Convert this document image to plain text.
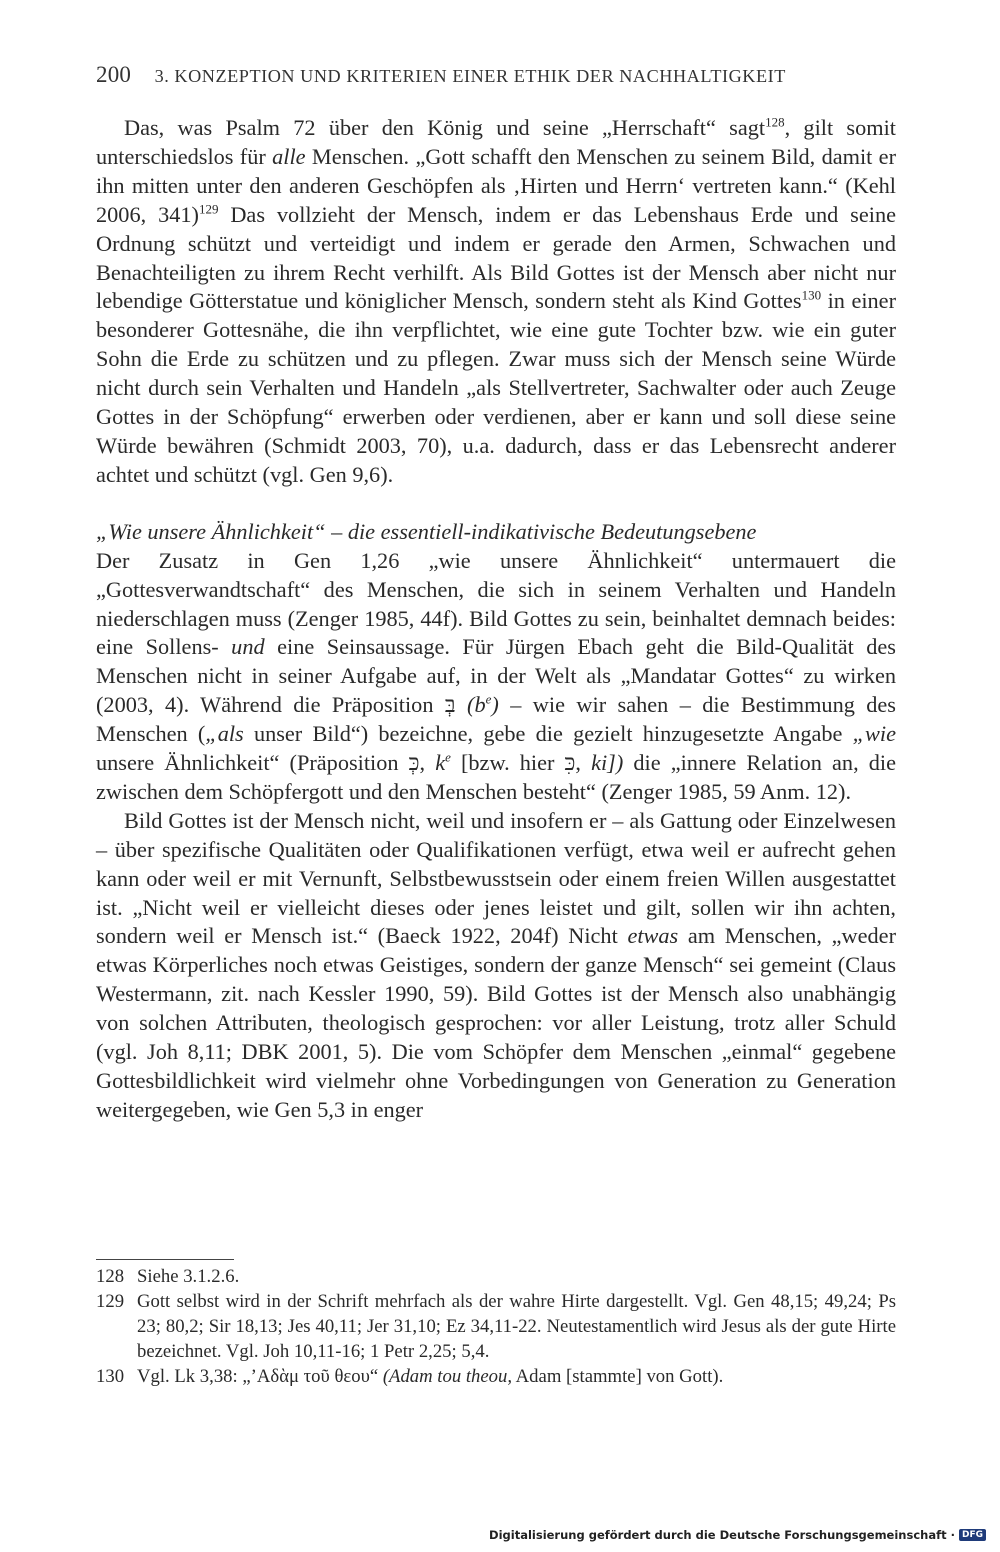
200 3. KONZEPTION UND KRITERIEN EINER ETHIK DER NACHHALTIGKEIT

Das, was Psalm 72 über den König und seine „Herrschaft“ sagt$^{128}$, gilt somit unterschiedslos für alle Menschen. „Gott schafft den Menschen zu seinem Bild, damit er ihn mitten unter den anderen Geschöpfen als ‚Hirten und Herrn‘ vertreten kann.“ (Kehl 2006, 341)$^{129}$ Das vollzieht der Mensch, indem er das Lebenshaus Erde und seine Ordnung schützt und verteidigt und indem er gerade den Armen, Schwachen und Benachteiligten zu ihrem Recht verhilft. Als Bild Gottes ist der Mensch aber nicht nur lebendige Götterstatue und königlicher Mensch, sondern steht als Kind Gottes$^{130}$ in einer besonderer Gottesnähe, die ihn verpflichtet, wie eine gute Tochter bzw. wie ein guter Sohn die Erde zu schützen und zu pflegen. Zwar muss sich der Mensch seine Würde nicht durch sein Verhalten und Handeln „als Stellvertreter, Sachwalter oder auch Zeuge Gottes in der Schöpfung“ erwerben oder verdienen, aber er kann und soll diese seine Würde bewähren (Schmidt 2003, 70), u.a. dadurch, dass er das Lebensrecht anderer achtet und schützt (vgl. Gen 9,6).

„Wie unsere Ähnlichkeit“ – die essentiell-indikativische Bedeutungsebene

Der Zusatz in Gen 1,26 „wie unsere Ähnlichkeit“ untermauert die „Gottesverwandtschaft“ des Menschen, die sich in seinem Verhalten und Handeln niederschlagen muss (Zenger 1985, 44f). Bild Gottes zu sein, beinhaltet demnach beides: eine Sollens- und eine Seinsaussage. Für Jürgen Ebach geht die Bild-Qualität des Menschen nicht in seiner Aufgabe auf, in der Welt als „Mandatar Gottes“ zu wirken (2003, 4). Während die Präposition בְּ $(b^e)$ – wie wir sahen – die Bestimmung des Menschen („als unser Bild“) bezeichne, gebe die gezielt hinzugesetzte Angabe „wie unsere Ähnlichkeit“ (Präposition כְּ, $k^e$ [bzw. hier כִּ, ki]) die „innere Relation an, die zwischen dem Schöpfergott und den Menschen besteht“ (Zenger 1985, 59 Anm. 12).

Bild Gottes ist der Mensch nicht, weil und insofern er – als Gattung oder Einzelwesen – über spezifische Qualitäten oder Qualifikationen verfügt, etwa weil er aufrecht gehen kann oder weil er mit Vernunft, Selbstbewusstsein oder einem freien Willen ausgestattet ist. „Nicht weil er vielleicht dieses oder jenes leistet und gilt, sollen wir ihn achten, sondern weil er Mensch ist.“ (Baeck 1922, 204f) Nicht etwas am Menschen, „weder etwas Körperliches noch etwas Geistiges, sondern der ganze Mensch“ sei gemeint (Claus Westermann, zit. nach Kessler 1990, 59). Bild Gottes ist der Mensch also unabhängig von solchen Attributen, theologisch gesprochen: vor aller Leistung, trotz aller Schuld (vgl. Joh 8,11; DBK 2001, 5). Die vom Schöpfer dem Menschen „einmal“ gegebene Gottesbildlichkeit wird vielmehr ohne Vorbedingungen von Generation zu Generation weitergegeben, wie Gen 5,3 in enger

128 Siehe 3.1.2.6.
129 Gott selbst wird in der Schrift mehrfach als der wahre Hirte dargestellt. Vgl. Gen 48,15; 49,24; Ps 23; 80,2; Sir 18,13; Jes 40,11; Jer 31,10; Ez 34,11-22. Neutestamentlich wird Jesus als der gute Hirte bezeichnet. Vgl. Joh 10,11-16; 1 Petr 2,25; 5,4.
130 Vgl. Lk 3,38: „’Αδὰμ τοῦ θεου“ (Adam tou theou, Adam [stammte] von Gott).
Digitalisierung gefördert durch die Deutsche Forschungsgemeinschaft · DFG
